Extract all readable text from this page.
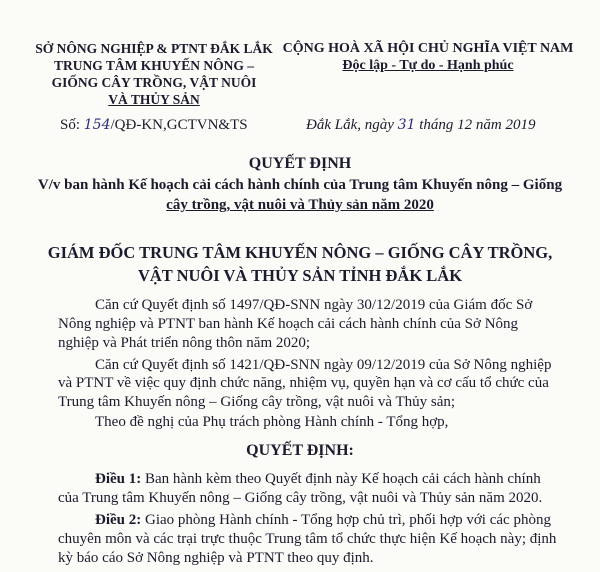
SỞ NÔNG NGHIỆP & PTNT ĐẮK LẮK
TRUNG TÂM KHUYẾN NÔNG –
GIỐNG CÂY TRỒNG, VẬT NUÔI
VÀ THỦY SẢN
CỘNG HOÀ XÃ HỘI CHỦ NGHĨA VIỆT NAM
Độc lập - Tự do - Hạnh phúc
Số: 154/QĐ-KN,GCTVN&TS	Đắk Lắk, ngày 31 tháng 12 năm 2019
QUYẾT ĐỊNH
V/v ban hành Kế hoạch cải cách hành chính của Trung tâm Khuyến nông – Giống
cây trồng, vật nuôi và Thủy sản năm 2020
GIÁM ĐỐC TRUNG TÂM KHUYẾN NÔNG – GIỐNG CÂY TRỒNG,
VẬT NUÔI VÀ THỦY SẢN TỈNH ĐẮK LẮK
Căn cứ Quyết định số 1497/QĐ-SNN ngày 30/12/2019 của Giám đốc Sở
Nông nghiệp và PTNT ban hành Kế hoạch cải cách hành chính của Sở Nông
nghiệp và Phát triển nông thôn năm 2020;
Căn cứ Quyết định số 1421/QĐ-SNN ngày 09/12/2019 của Sở Nông nghiệp
và PTNT về việc quy định chức năng, nhiệm vụ, quyền hạn và cơ cấu tổ chức của
Trung tâm Khuyến nông – Giống cây trồng, vật nuôi và Thủy sản;
Theo đề nghị của Phụ trách phòng Hành chính - Tổng hợp,
QUYẾT ĐỊNH:
Điều 1: Ban hành kèm theo Quyết định này Kế hoạch cải cách hành chính
của Trung tâm Khuyến nông – Giống cây trồng, vật nuôi và Thủy sản năm 2020.
Điều 2: Giao phòng Hành chính - Tổng hợp chủ trì, phối hợp với các phòng
chuyên môn và các trại trực thuộc Trung tâm tổ chức thực hiện Kế hoạch này; định
kỳ báo cáo Sở Nông nghiệp và PTNT theo quy định.
